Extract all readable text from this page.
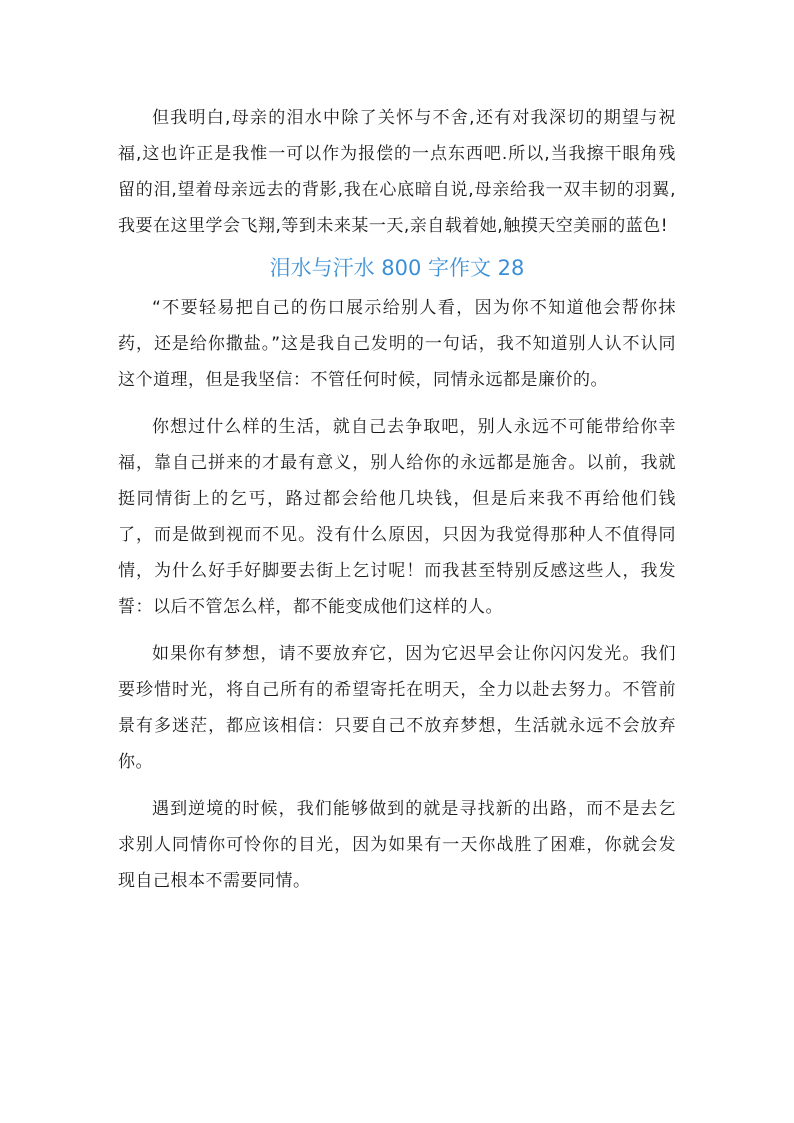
但我明白,母亲的泪水中除了关怀与不舍,还有对我深切的期望与祝福,这也许正是我惟一可以作为报偿的一点东西吧.所以,当我擦干眼角残留的泪,望着母亲远去的背影,我在心底暗自说,母亲给我一双丰韧的羽翼,我要在这里学会飞翔,等到未来某一天,亲自载着她,触摸天空美丽的蓝色!

泪水与汗水 800 字作文 28

“不要轻易把自己的伤口展示给别人看，因为你不知道他会帮你抹药，还是给你撒盐。”这是我自己发明的一句话，我不知道别人认不认同这个道理，但是我坚信：不管任何时候，同情永远都是廉价的。

你想过什么样的生活，就自己去争取吧，别人永远不可能带给你幸福，靠自己拼来的才最有意义，别人给你的永远都是施舍。以前，我就挺同情街上的乞丐，路过都会给他几块钱，但是后来我不再给他们钱了，而是做到视而不见。没有什么原因，只因为我觉得那种人不值得同情，为什么好手好脚要去街上乞讨呢！而我甚至特别反感这些人，我发誓：以后不管怎么样，都不能变成他们这样的人。

如果你有梦想，请不要放弃它，因为它迟早会让你闪闪发光。我们要珍惜时光，将自己所有的希望寄托在明天，全力以赴去努力。不管前景有多迷茫，都应该相信：只要自己不放弃梦想，生活就永远不会放弃你。

遇到逆境的时候，我们能够做到的就是寻找新的出路，而不是去乞求别人同情你可怜你的目光，因为如果有一天你战胜了困难，你就会发现自己根本不需要同情。
